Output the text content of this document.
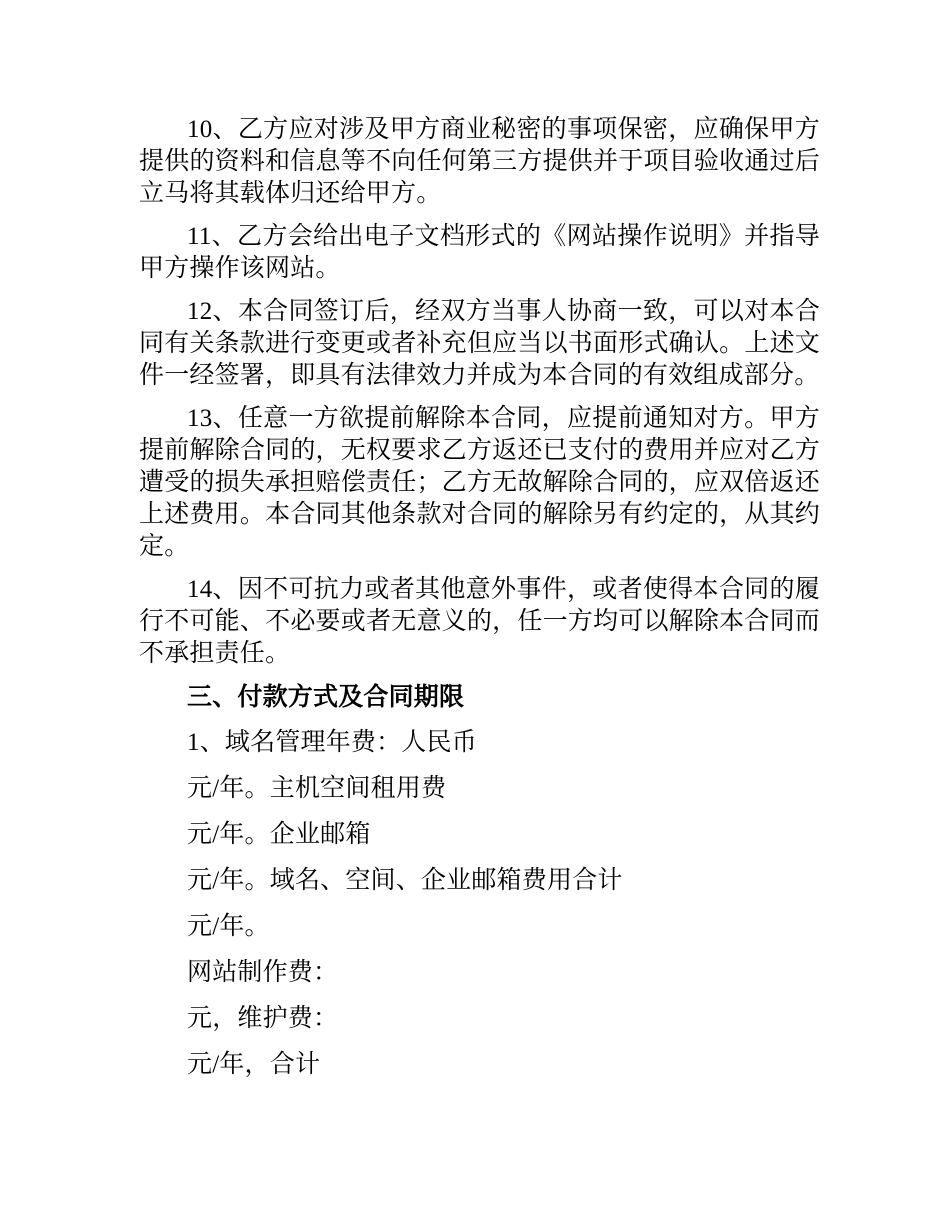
10、乙方应对涉及甲方商业秘密的事项保密，应确保甲方提供的资料和信息等不向任何第三方提供并于项目验收通过后立马将其载体归还给甲方。

11、乙方会给出电子文档形式的《网站操作说明》并指导甲方操作该网站。

12、本合同签订后，经双方当事人协商一致，可以对本合同有关条款进行变更或者补充但应当以书面形式确认。上述文件一经签署，即具有法律效力并成为本合同的有效组成部分。

13、任意一方欲提前解除本合同，应提前通知对方。甲方提前解除合同的，无权要求乙方返还已支付的费用并应对乙方遭受的损失承担赔偿责任；乙方无故解除合同的，应双倍返还上述费用。本合同其他条款对合同的解除另有约定的，从其约定。

14、因不可抗力或者其他意外事件，或者使得本合同的履行不可能、不必要或者无意义的，任一方均可以解除本合同而不承担责任。

三、付款方式及合同期限

1、域名管理年费：人民币

元/年。主机空间租用费

元/年。企业邮箱

元/年。域名、空间、企业邮箱费用合计

元/年。

网站制作费：

元，维护费：

元/年，合计
